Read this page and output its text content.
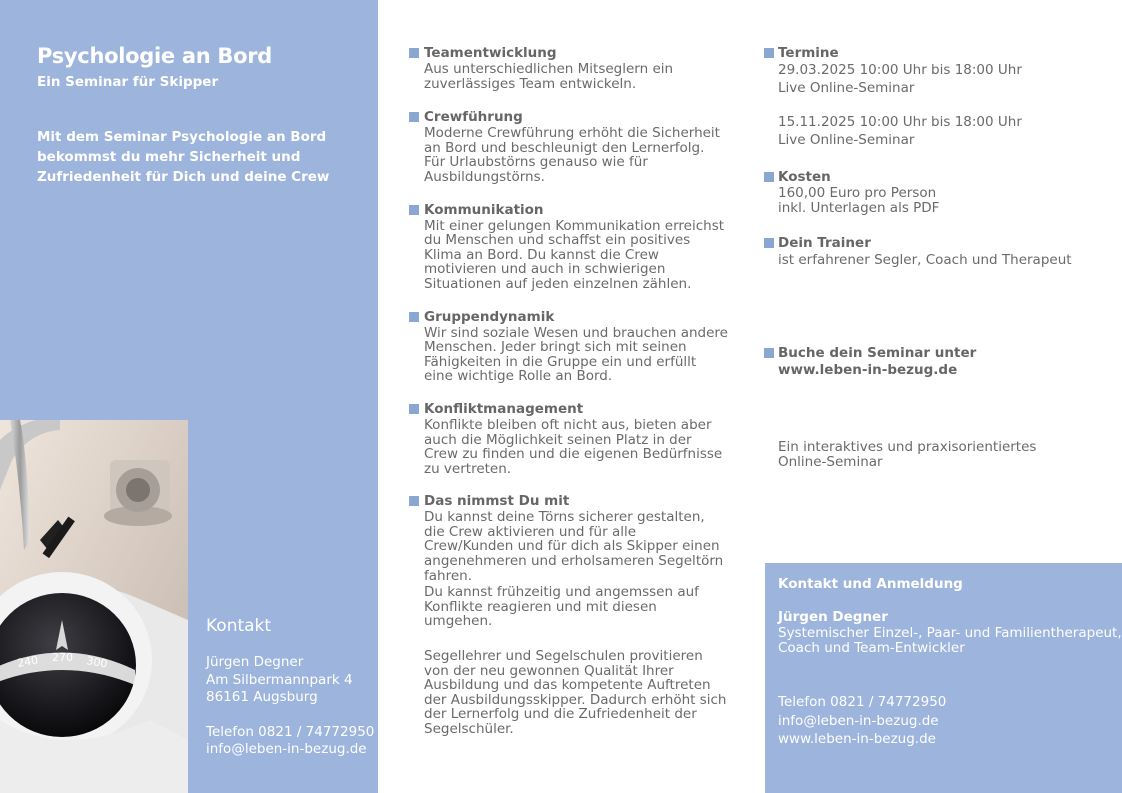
Psychologie an Bord
Ein Seminar für Skipper
Mit dem Seminar Psychologie an Bord bekommst du mehr Sicherheit und Zufriedenheit für Dich und deine Crew
240 270 300
Kontakt
Jürgen Degner
Am Silbermannpark 4
86161 Augsburg
Telefon 0821 / 74772950
info@leben-in-bezug.de
Teamentwicklung
Aus unterschiedlichen Mitseglern ein zuverlässiges Team entwickeln.
Crewführung
Moderne Crewführung erhöht die Sicherheit an Bord und beschleunigt den Lernerfolg. Für Urlaubstörns genauso wie für Ausbildungstörns.
Kommunikation
Mit einer gelungen Kommunikation erreichst du Menschen und schaffst ein positives Klima an Bord. Du kannst die Crew motivieren und auch in schwierigen Situationen auf jeden einzelnen zählen.
Gruppendynamik
Wir sind soziale Wesen und brauchen andere Menschen. Jeder bringt sich mit seinen Fähigkeiten in die Gruppe ein und erfüllt eine wichtige Rolle an Bord.
Konfliktmanagement
Konflikte bleiben oft nicht aus, bieten aber auch die Möglichkeit seinen Platz in der Crew zu finden und die eigenen Bedürfnisse zu vertreten.
Das nimmst Du mit
Du kannst deine Törns sicherer gestalten, die Crew aktivieren und für alle Crew/Kunden und für dich als Skipper einen angenehmeren und erholsameren Segeltörn fahren.
Du kannst frühzeitig und angemssen auf Konflikte reagieren und mit diesen umgehen.
Segellehrer und Segelschulen provitieren von der neu gewonnen Qualität Ihrer Ausbildung und das kompetente Auftreten der Ausbildungsskipper. Dadurch erhöht sich der Lernerfolg und die Zufriedenheit der Segelschüler.
Termine
29.03.2025 10:00 Uhr bis 18:00 Uhr
Live Online-Seminar
15.11.2025 10:00 Uhr bis 18:00 Uhr
Live Online-Seminar
Kosten
160,00 Euro pro Person
inkl. Unterlagen als PDF
Dein Trainer
ist erfahrener Segler, Coach und Therapeut
Buche dein Seminar unter
www.leben-in-bezug.de
Ein interaktives und praxisorientiertes Online-Seminar
Kontakt und Anmeldung
Jürgen Degner
Systemischer Einzel-, Paar- und Familientherapeut, Coach und Team-Entwickler
Telefon 0821 / 74772950
info@leben-in-bezug.de
www.leben-in-bezug.de
